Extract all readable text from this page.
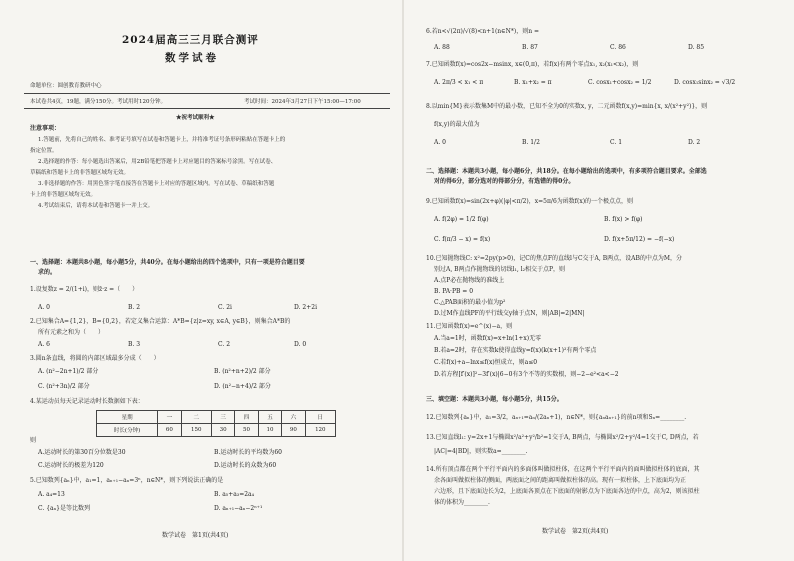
2024届高三三月联合测评
数学试卷
命题单位：圆创教育教研中心
本试卷共4页，19题，满分150分。考试用时120分钟。	考试时间：2024年3月27日下午15:00—17:00
★祝考试顺利★
注意事项：
1.答题前，先将自己的姓名、准考证号填写在试卷和答题卡上，并将准考证号条形码粘贴在答题卡上的
指定位置。
2.选择题的作答：每小题选出答案后，用2B铅笔把答题卡上对应题目的答案标号涂黑。写在试卷、
草稿纸和答题卡上的非答题区域均无效。
3.非选择题的作答：用黑色签字笔直接答在答题卡上对应的答题区域内。写在试卷、草稿纸和答题
卡上的非答题区域均无效。
4.考试结束后，请将本试卷和答题卡一并上交。
一、选择题：本题共8小题，每小题5分，共40分。在每小题给出的四个选项中，只有一项是符合题目要
求的。
1.设复数z = 2/(1+i)，则z̄·z =（　　）
A. 0	B. 2	C. 2i	D. 2+2i
2.已知集合A={1,2}，B={0,2}，若定义集合运算：A*B={z|z=xy, x∈A, y∈B}，则集合A*B的
所有元素之和为（　　）
A. 6	B. 3	C. 2	D. 0
3.圆n条直线，将圆的内部区域最多分成（　　）
A. (n²−2n+1)/2 部分	B. (n²+n+2)/2 部分
C. (n²+3n)/2 部分	D. (n²−n+4)/2 部分
4.某运动员每天记录运动时长数据如下表：
星期	一	二	三	四	五	六	日
时长(分钟)	60	150	30	50	10	90	120
则
A.运动时长的第30百分位数是30	B.运动时长的平均数为60
C.运动时长的极差为120	D.运动时长的众数为60
5.已知数列{aₙ}中，a₁=1，aₙ₊₁−aₙ=3ⁿ，n∈N*，则下列说法正确的是
A. a₄=13	B. a₅+a₃=2a₄
C. {aₙ}是等比数列	D. aₙ₊₁−aₙ−2ⁿ⁺¹
数学试卷　第1页(共4页)
6.若n<√(2π)/√(8)<n+1(n∈N*)，则n =
A. 88	B. 87	C. 86	D. 85
7.已知函数f(x)=cos2x−msinx, x∈(0,π)，若f(x)有两个零点x₁, x₂(x₁<x₂)，则
A. 2π/3 < x₁ < π	B. x₁+x₂ = π	C. cosx₁+cosx₂ = 1/2	D. cosx₁sinx₂ = √3/2
8.以min{M}表示数集M中的最小数，已知不全为0的实数x, y，二元函数f(x,y)=min{x, x/(x²+y²)}，则
f(x,y)的最大值为
A. 0	B. 1/2	C. 1	D. 2
二、选择题：本题共3小题，每小题6分，共18分。在每小题给出的选项中，有多项符合题目要求。全部选
对的得6分，部分选对的得部分分，有选错的得0分。
9.已知函数f(x)=sin(2x+φ)(|φ|<π/2)，x=5π/6为函数f(x)的一个极点点，则
A. f(2φ) = 1/2 f(φ)	B. f(x) > f(φ)
C. f(π/3 − x) = f(x)	D. f(x+5π/12) = −f(−x)
10.已知抛物线C: x²=2py(p>0)，记C的焦点F的直线l与C交于A, B两点，设AB的中点为M，分
别过A, B两点作抛物线的切线l₁, l₂相交于点P，则
A.点P必在抛物线的准线上
B. PA·PB = 0
C.△PAB面积的最小值为p²
D.过M作直线PF的平行线交y轴于点N，则|AB|=2|MN|
11.已知函数f(x)=e^(x)−a，则
A.当a=1时，函数f(x)=x+ln(1+x)无零
B.若a=2时，存在实数k使得直线y=f(x)(k(x+1)²有两个零点
C.若f(x)+a−lnx≤f(x)恒成立，则a≤0
D.若方程[f′(x)]²−3f′(x)|6−0有3个不等的实数根，则−2−e²<a<−2
三、填空题：本题共3小题，每小题5分，共15分。
12.已知数列{aₙ}中，a₁=3/2，aₙ₊₁=aₙ/(2aₙ+1)，n∈N*，则{aₙaₙ₊₁}的前n项和Sₙ=________.
13.已知直线l₁: y=2x+1与椭圆x²/a²+y²/b²=1交于A, B两点，与椭圆x²/2+y²/4=1交于C, D两点，若
|AC|=4|BD|，则实数a=________.
14.所有顶点都在两个平行平面内的多面体叫做拟柱体，在这两个平行平面内的面叫做拟柱体的底面，其
余各面叫做拟柱体的侧面，两底面之间的距离叫做拟柱体的高。现有一拟柱体，上下底面均为正
六边形，且下底面边长为2，上底面各顶点在下底面的射影点为下底面各边的中点，高为2，则该拟柱
体的体积为________.
数学试卷　第2页(共4页)
